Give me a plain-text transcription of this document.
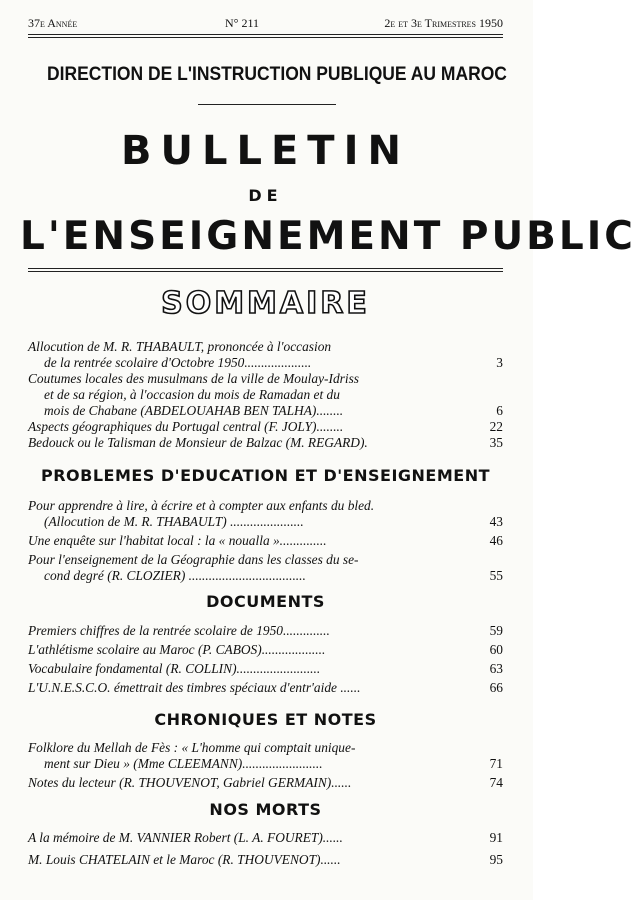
37e Année	N° 211	2e et 3e Trimestres 1950
DIRECTION DE L'INSTRUCTION PUBLIQUE AU MAROC
BULLETIN
DE
L'ENSEIGNEMENT PUBLIC
SOMMAIRE
Allocution de M. R. THABAULT, prononcée à l'occasion
de la rentrée scolaire d'Octobre 1950....................	3
Coutumes locales des musulmans de la ville de Moulay-Idriss
et de sa région, à l'occasion du mois de Ramadan et du
mois de Chabane (ABDELOUAHAB BEN TALHA)........	6
Aspects géographiques du Portugal central (F. JOLY)........	22
Bedouck ou le Talisman de Monsieur de Balzac (M. REGARD).	35
PROBLEMES D'EDUCATION ET D'ENSEIGNEMENT
Pour apprendre à lire, à écrire et à compter aux enfants du bled.
(Allocution de M. R. THABAULT) ......................	43
Une enquête sur l'habitat local : la « noualla »..............	46
Pour l'enseignement de la Géographie dans les classes du se-
cond degré (R. CLOZIER) ...................................	55
DOCUMENTS
Premiers chiffres de la rentrée scolaire de 1950..............	59
L'athlétisme scolaire au Maroc (P. CABOS)...................	60
Vocabulaire fondamental (R. COLLIN).........................	63
L'U.N.E.S.C.O. émettrait des timbres spéciaux d'entr'aide ......	66
CHRONIQUES ET NOTES
Folklore du Mellah de Fès : « L'homme qui comptait unique-
ment sur Dieu » (Mme CLEEMANN)........................	71
Notes du lecteur (R. THOUVENOT, Gabriel GERMAIN)......	74
NOS MORTS
A la mémoire de M. VANNIER Robert (L. A. FOURET)......	91
M. Louis CHATELAIN et le Maroc (R. THOUVENOT)......	95
